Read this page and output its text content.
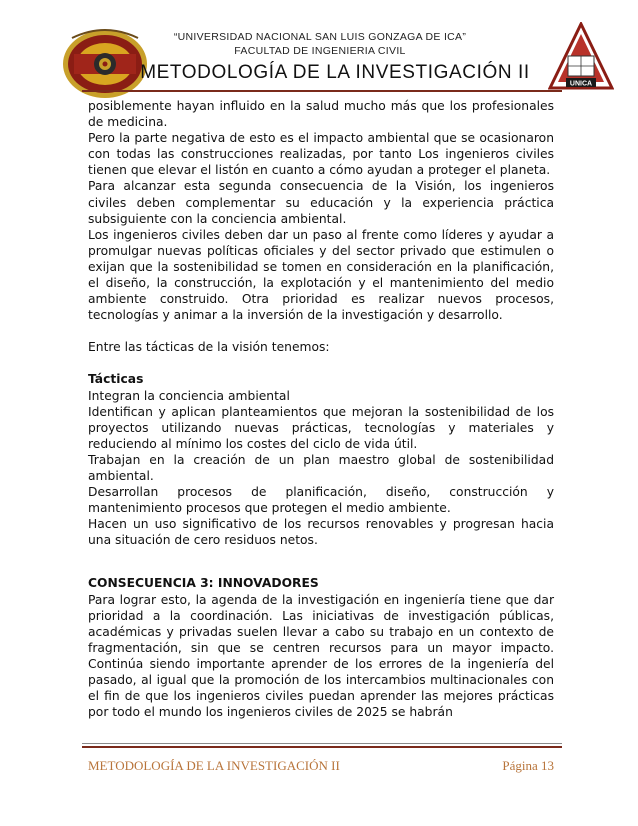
“UNIVERSIDAD NACIONAL SAN LUIS GONZAGA DE ICA”
FACULTAD DE INGENIERIA CIVIL
METODOLOGÍA DE LA INVESTIGACIÓN II
UNICA

posiblemente hayan influido en la salud mucho más que los profesionales de medicina.

Pero la parte negativa de esto es el impacto ambiental que se ocasionaron con todas las construcciones realizadas, por tanto Los ingenieros civiles tienen que elevar el listón en cuanto a cómo ayudan a proteger el planeta.

Para alcanzar esta segunda consecuencia de la Visión, los ingenieros civiles deben complementar su educación y la experiencia práctica subsiguiente con la conciencia ambiental.

Los ingenieros civiles deben dar un paso al frente como líderes y ayudar a promulgar nuevas políticas oficiales y del sector privado que estimulen o exijan que la sostenibilidad se tomen en consideración en la planificación, el diseño, la construcción, la explotación y el mantenimiento del medio ambiente construido. Otra prioridad es realizar nuevos procesos, tecnologías y animar a la inversión de la investigación y desarrollo.

Entre las tácticas de la visión tenemos:

Tácticas

Integran la conciencia ambiental

Identifican y aplican planteamientos que mejoran la sostenibilidad de los proyectos utilizando nuevas prácticas, tecnologías y materiales y reduciendo al mínimo los costes del ciclo de vida útil.

Trabajan en la creación de un plan maestro global de sostenibilidad ambiental.

Desarrollan procesos de planificación, diseño, construcción y mantenimiento procesos que protegen el medio ambiente.

Hacen un uso significativo de los recursos renovables y progresan hacia una situación de cero residuos netos.

CONSECUENCIA 3: INNOVADORES

Para lograr esto, la agenda de la investigación en ingeniería tiene que dar prioridad a la coordinación. Las iniciativas de investigación públicas, académicas y privadas suelen llevar a cabo su trabajo en un contexto de fragmentación, sin que se centren recursos para un mayor impacto. Continúa siendo importante aprender de los errores de la ingeniería del pasado, al igual que la promoción de los intercambios multinacionales con el fin de que los ingenieros civiles puedan aprender las mejores prácticas por todo el mundo los ingenieros civiles de 2025 se habrán

METODOLOGÍA DE LA INVESTIGACIÓN II	Página 13
